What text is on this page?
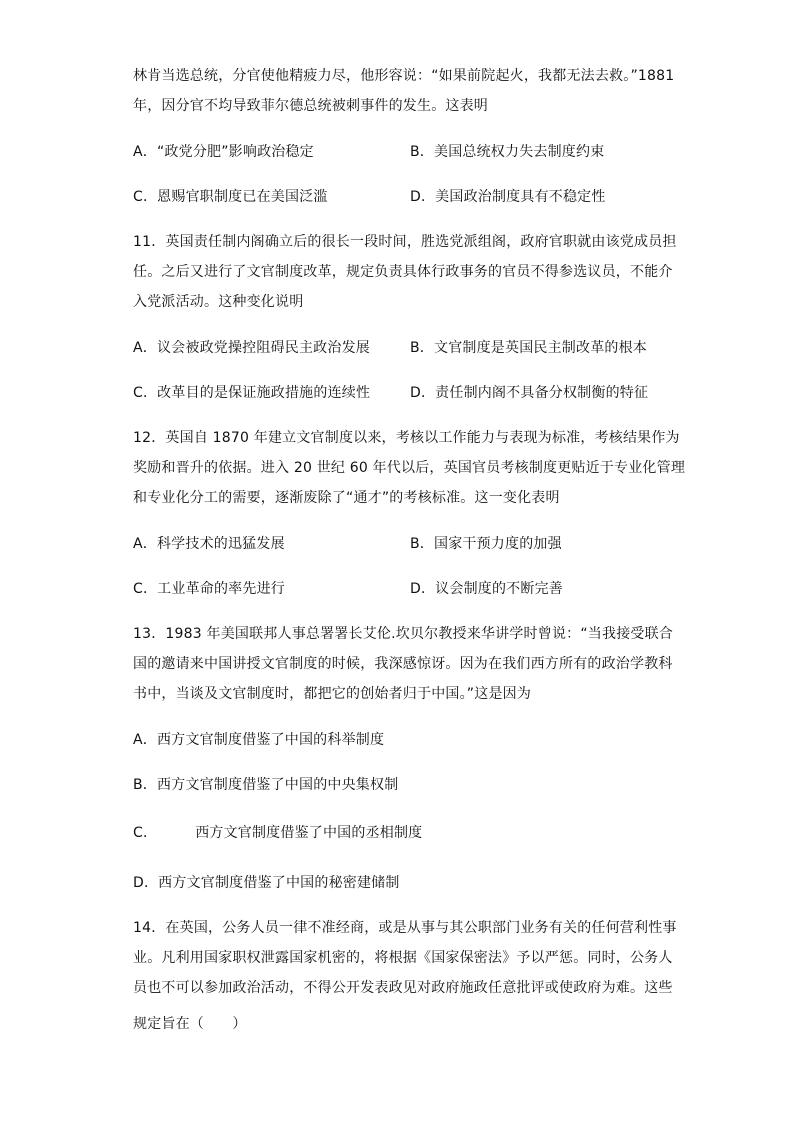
林肯当选总统，分官使他精疲力尽，他形容说：“如果前院起火，我都无法去救。”1881
年，因分官不均导致菲尔德总统被刺事件的发生。这表明
A．“政党分肥”影响政治稳定	B．美国总统权力失去制度约束
C．恩赐官职制度已在美国泛滥	D．美国政治制度具有不稳定性
11．英国责任制内阁确立后的很长一段时间，胜选党派组阁，政府官职就由该党成员担
任。之后又进行了文官制度改革，规定负责具体行政事务的官员不得参选议员，不能介
入党派活动。这种变化说明
A．议会被政党操控阻碍民主政治发展	B．文官制度是英国民主制改革的根本
C．改革目的是保证施政措施的连续性	D．责任制内阁不具备分权制衡的特征
12．英国自 1870 年建立文官制度以来，考核以工作能力与表现为标准，考核结果作为
奖励和晋升的依据。进入 20 世纪 60 年代以后，英国官员考核制度更贴近于专业化管理
和专业化分工的需要，逐渐废除了“通才”的考核标准。这一变化表明
A．科学技术的迅猛发展	B．国家干预力度的加强
C．工业革命的率先进行	D．议会制度的不断完善
13．1983 年美国联邦人事总署署长艾伦.坎贝尔教授来华讲学时曾说：“当我接受联合
国的邀请来中国讲授文官制度的时候，我深感惊讶。因为在我们西方所有的政治学教科
书中，当谈及文官制度时，都把它的创始者归于中国。”这是因为
A．西方文官制度借鉴了中国的科举制度
B．西方文官制度借鉴了中国的中央集权制
C．	西方文官制度借鉴了中国的丞相制度
D．西方文官制度借鉴了中国的秘密建储制
14．在英国，公务人员一律不准经商，或是从事与其公职部门业务有关的任何营利性事
业。凡利用国家职权泄露国家机密的，将根据《国家保密法》予以严惩。同时，公务人
员也不可以参加政治活动，不得公开发表政见对政府施政任意批评或使政府为难。这些
规定旨在（　　）
